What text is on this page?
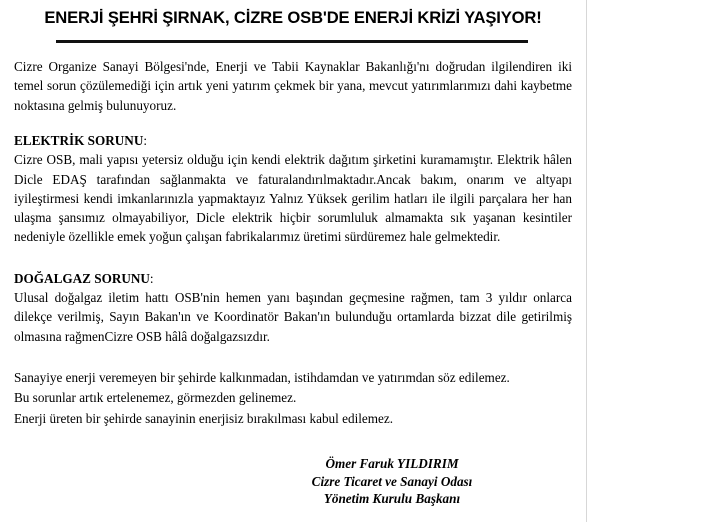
ENERJİ ŞEHRİ ŞIRNAK, CİZRE OSB'DE ENERJİ KRİZİ YAŞIYOR!

Cizre Organize Sanayi Bölgesi'nde, Enerji ve Tabii Kaynaklar Bakanlığı'nı doğrudan ilgilendiren iki temel sorun çözülemediği için artık yeni yatırım çekmek bir yana, mevcut yatırımlarımızı dahi kaybetme noktasına gelmiş bulunuyoruz.

ELEKTRİK SORUNU:

Cizre OSB, mali yapısı yetersiz olduğu için kendi elektrik dağıtım şirketini kuramamıştır. Elektrik hâlen Dicle EDAŞ tarafından sağlanmakta ve faturalandırılmaktadır.Ancak bakım, onarım ve altyapı iyileştirmesi kendi imkanlarınızla yapmaktayız Yalnız Yüksek gerilim hatları ile ilgili parçalara her han ulaşma şansımız olmayabiliyor, Dicle elektrik hiçbir sorumluluk almamakta sık yaşanan kesintiler nedeniyle özellikle emek yoğun çalışan fabrikalarımız üretimi sürdüremez hale gelmektedir.

DOĞALGAZ SORUNU:

Ulusal doğalgaz iletim hattı OSB'nin hemen yanı başından geçmesine rağmen, tam 3 yıldır onlarca dilekçe verilmiş, Sayın Bakan'ın ve Koordinatör Bakan'ın bulunduğu ortamlarda bizzat dile getirilmiş olmasına rağmenCizre OSB hâlâ doğalgazsızdır.

Sanayiye enerji veremeyen bir şehirde kalkınmadan, istihdamdan ve yatırımdan söz edilemez.

Bu sorunlar artık ertelenemez, görmezden gelinemez.

Enerji üreten bir şehirde sanayinin enerjisiz bırakılması kabul edilemez.

Ömer Faruk YILDIRIM
Cizre Ticaret ve Sanayi Odası
Yönetim Kurulu Başkanı
